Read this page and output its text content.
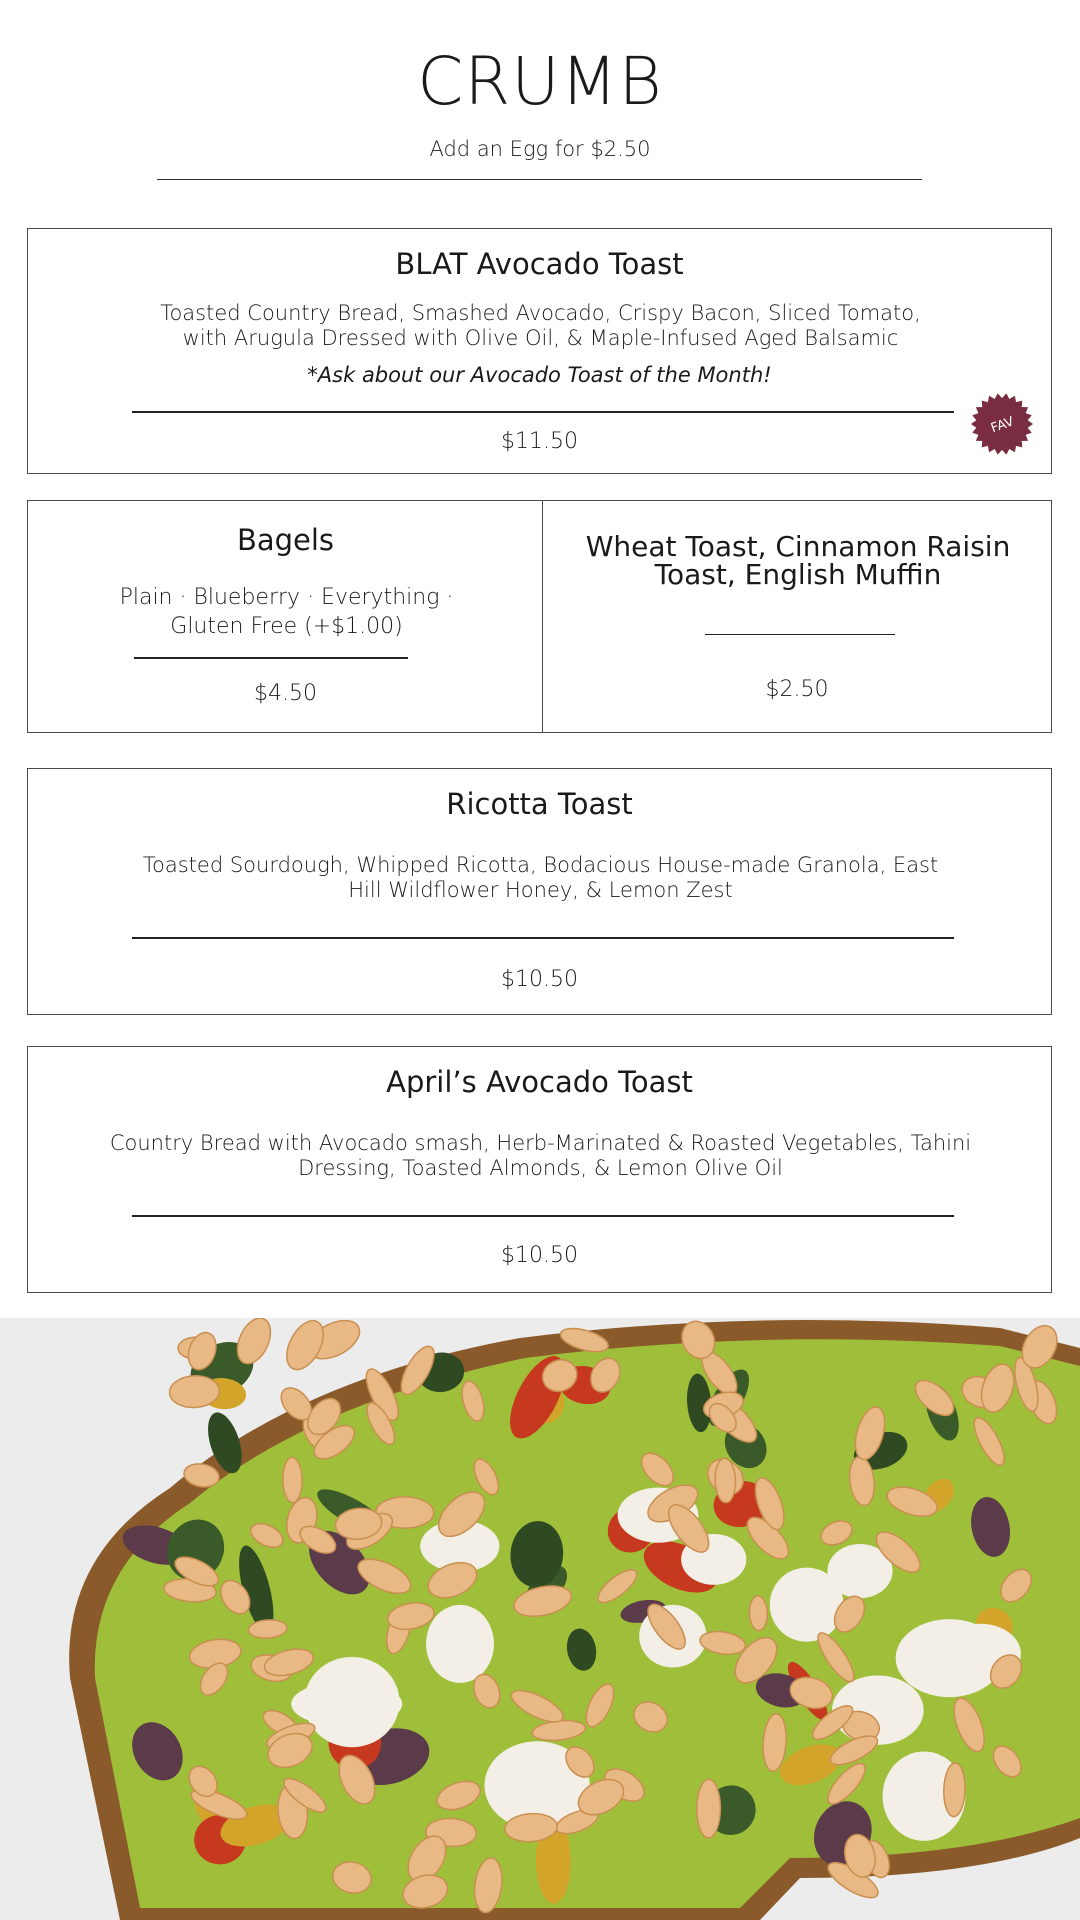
CRUMB
Add an Egg for $2.50
BLAT Avocado Toast
Toasted Country Bread, Smashed Avocado, Crispy Bacon, Sliced Tomato, with Arugula Dressed with Olive Oil, & Maple-Infused Aged Balsamic
*Ask about our Avocado Toast of the Month!
$11.50
FAV
Bagels
Plain · Blueberry · Everything · Gluten Free (+$1.00)
$4.50
Wheat Toast, Cinnamon Raisin Toast, English Muffin
$2.50
Ricotta Toast
Toasted Sourdough, Whipped Ricotta, Bodacious House-made Granola, East Hill Wildflower Honey, & Lemon Zest
$10.50
April’s Avocado Toast
Country Bread with Avocado smash, Herb-Marinated & Roasted Vegetables, Tahini Dressing, Toasted Almonds, & Lemon Olive Oil
$10.50
